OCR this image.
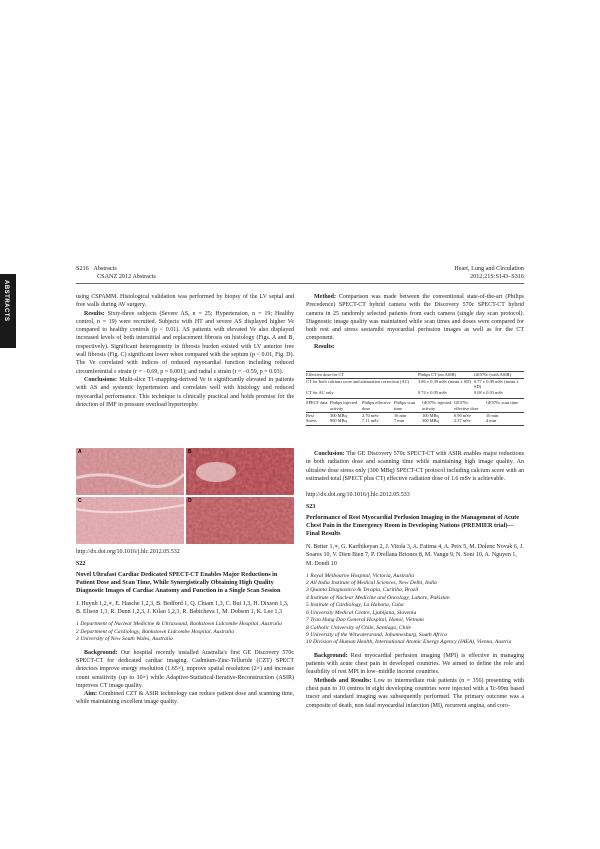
ABSTRACTS
S216 Abstracts
CSANZ 2012 Abstracts
Heart, Lung and Circulation
2012;21S:S143–S316

using CSPAMM. Histological validation was performed by biopsy of the LV septal and free walls during AV surgery.

Results: Sixty-three subjects (Severe AS, n = 25; Hypertension, n = 19; Healthy control, n = 19) were recruited. Subjects with HT and severe AS displayed higher Ve compared to healthy controls (p < 0.01). AS patients with elevated Ve also displayed increased levels of both interstitial and replacement fibrosis on histology (Figs. A and B, respectively). Significant heterogeneity in fibrosis burden existed with LV anterior free wall fibrosis (Fig. C) significant lower when compared with the septum (p < 0.01, Fig. D). The Ve correlated with indices of reduced myocardial function including reduced circumferential ε strain (r = −0.69, p = 0.001); and radial ε strain (r = −0.59, p = 0.03).

Conclusions: Multi-slice T1-mapping-derived Ve is significantly elevated in patients with AS and systemic hypertension and correlates well with histology and reduced myocardial performance. This technique is clinically practical and holds promise for the detection of IMF in pressure overload hypertrophy.

A	B
C	D

http://dx.doi.org/10.1016/j.hlc.2012.05.532

S22

Novel Ultrafast Cardiac Dedicated SPECT-CT Enables Major Reductions in Patient Dose and Scan Time, While Synergistically Obtaining High Quality Diagnostic Images of Cardiac Anatomy and Function in a Single Scan Session

J. Huynh 1,2,∗, E. Hasche 1,2,3, B. Bedford 1, Q. Chiam 1,3, C. Bui 1,3, H. Dixson 1,3, B. Elison 1,3, R. Dunn 1,2,3, J. Kilan 1,2,3, R. Babicheva 1, M. Dobson 1, K. Lee 1,3

1 Department of Nuclear Medicine & Ultrasound, Bankstown Lidcombe Hospital, Australia

2 Department of Cardiology, Bankstown Lidcombe Hospital, Australia

3 University of New South Wales, Australia

Background: Our hospital recently installed Australia's first GE Discovery 570c SPECT-CT for dedicated cardiac imaging. Cadmium-Zinc-Telluride (CZT) SPECT detectors improve energy resolution (1.65×), improve spatial resolution (2×) and increase count sensitivity (up to 10×) while Adaptive-Statistical-Iterative-Reconstruction (ASIR) improves CT image quality.

Aim: Combined CZT & ASIR technology can reduce patient dose and scanning time, while maintaining excellent image quality.

Method: Comparison was made between the conventional state-of-the-art (Philips Precedence) SPECT-CT hybrid camera with the Discovery 570c SPECT-CT hybrid camera in 25 randomly selected patients from each camera (single day scan protocol). Diagnostic image quality was maintained while scan times and doses were compared for both rest and stress sestamibi myocardial perfusion images as well as for the CT component.

Results:

Effective dose for CT	Philips CT (no ASIR)	GE570c (with ASIR)

CT for both calcium score and attenuation correction (AC)	3.86 ± 0.39 mSv (mean ± SD)	0.77 ± 0.09 mSv (mean ± SD)
CT for AC only	0.74 ± 0.05 mSv	0.08 ± 0.03 mSv
SPECT data	Philips injected activity	Philips effective dose	Philips scan time	GE570c injected activity	GE570c effective dose	GE570c scan time

Rest	300 MBq	2.70 mSv	16 min	100 MBq	0.90 mSv	10 min
Stress	900 MBq	7.11 mSv	7 min	300 MBq	2.37 mSv	4 min

Conclusion: The GE Discovery 570c SPECT-CT with ASIR enables major reductions in both radiation dose and scanning time while maintaining high image quality. An ultralow dose stress only (300 MBq) SPECT-CT protocol including calcium score with an estimated total (SPECT plus CT) effective radiation dose of 1.6 mSv is achievable.

http://dx.doi.org/10.1016/j.hlc.2012.05.533

S23

Performance of Rest Myocardial Perfusion Imaging in the Management of Acute Chest Pain in the Emergency Room in Developing Nations (PREMIER trial)—Final Results

N. Better 1,∗, G. Karthikeyan 2, J. Vitola 3, A. Fatima 4, A. Peix 5, M. Dolenc Novak 6, J. Soares 10, V. Dien Bien 7, P. Orellana Briones 8, M. Vangu 9, N. Soni 10, A. Nguyen 1, M. Dondi 10

1 Royal Melbourne Hospital, Victoria, Australia

2 All India Institute of Medical Sciences, New Delhi, India

3 Quanta Diagnostico & Terapia, Curitiba, Brazil

4 Institute of Nuclear Medicine and Oncology, Lahore, Pakistan

5 Institute of Cardiology, La Habana, Cuba

6 University Medical Centre, Ljubljana, Slovenia

7 Tran Hung Dao General Hospital, Hanoi, Vietnam

8 Catholic University of Chile, Santiago, Chile

9 University of the Witwatersrand, Johannesburg, South Africa

10 Division of Human Health, International Atomic Energy Agency (IAEA), Vienna, Austria

Background: Rest myocardial perfusion imaging (MPI) is effective in managing patients with acute chest pain in developed countries. We aimed to define the role and feasibility of rest MPI in low–middle income countries.

Methods and Results: Low to intermediate risk patients (n = 356) presenting with chest pain to 10 centres in eight developing countries were injected with a Tc-99m based tracer and standard imaging was subsequently performed. The primary outcome was a composite of death, non fatal myocardial infarction (MI), recurrent angina, and coro-
